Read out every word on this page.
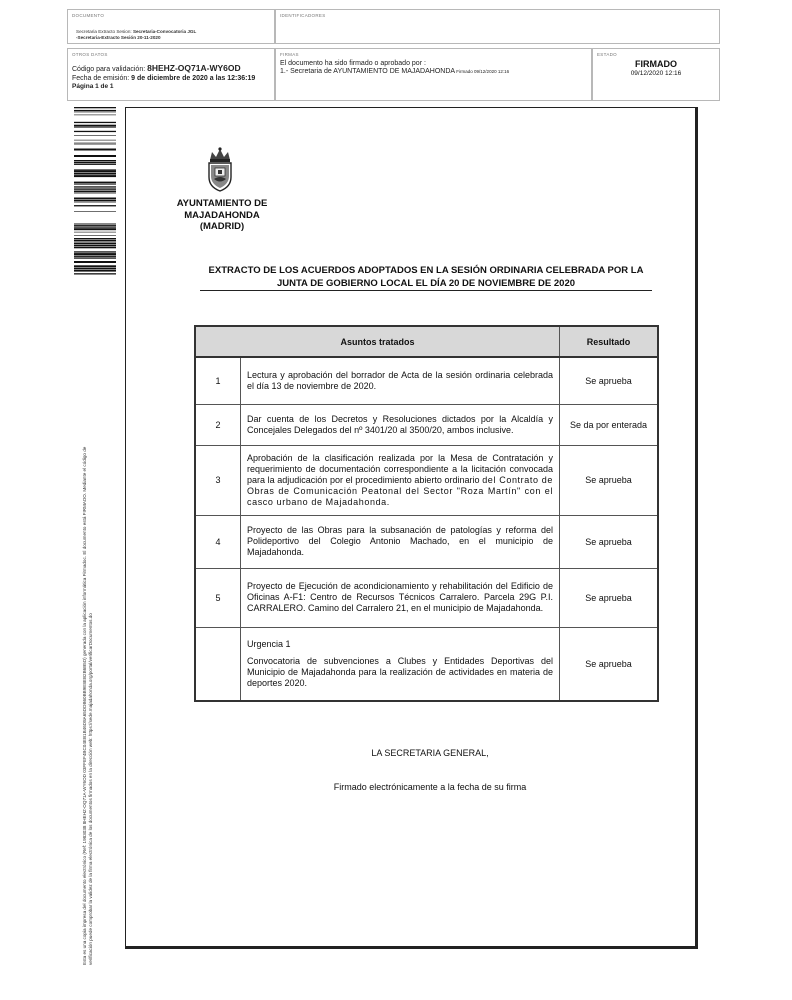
DOCUMENTO
Secretaria Extracto Sesion: Secretaria-Convocatoria JGL
-Secretaria-Extracto Sesión 20-11-2020
IDENTIFICADORES
OTROS DATOS
Código para validación: 8HEHZ-OQ71A-WY6OD
Fecha de emisión: 9 de diciembre de 2020 a las 12:36:19
Página 1 de 1
FIRMAS
El documento ha sido firmado o aprobado por :
1.- Secretaria de AYUNTAMIENTO DE MAJADAHONDA Firmado 09/12/2020 12:16
ESTADO
FIRMADO
09/12/2020 12:16
Esta es una copia impresa del documento electrónico (Ref: 1983038 8HEHZ-OQ71A-WY6OD 03FFEF4BC04EB1B46D8A65DDB60BB9E8EB2B6B5D) generada con la aplicación informática Firmadoc. El documento está FIRMADO. Mediante el código de verificación puede comprobar la validez de la firma electrónica de los documentos firmados en la dirección web: https://sede.majadahonda.org/portal/verificarDocumentos.do
AYUNTAMIENTO DE
MAJADAHONDA
(MADRID)
EXTRACTO DE LOS ACUERDOS ADOPTADOS EN LA SESIÓN ORDINARIA CELEBRADA POR LA
JUNTA DE GOBIERNO LOCAL EL DÍA 20 DE NOVIEMBRE DE 2020
Asuntos tratados		Resultado
1	Lectura y aprobación del borrador de Acta de la sesión ordinaria celebrada el día 13 de noviembre de 2020.	Se aprueba
2	Dar cuenta de los Decretos y Resoluciones dictados por la Alcaldía y Concejales Delegados del nº 3401/20 al 3500/20, ambos inclusive.	Se da por enterada
3	Aprobación de la clasificación realizada por la Mesa de Contratación y requerimiento de documentación correspondiente a la licitación convocada para la adjudicación por el procedimiento abierto ordinario del Contrato de Obras de Comunicación Peatonal del Sector "Roza Martín" con el casco urbano de Majadahonda.	Se aprueba
4	Proyecto de las Obras para la subsanación de patologías y reforma del Polideportivo del Colegio Antonio Machado, en el municipio de Majadahonda.	Se aprueba
5	Proyecto de Ejecución de acondicionamiento y rehabilitación del Edificio de Oficinas A-F1: Centro de Recursos Técnicos Carralero. Parcela 29G P.I. CARRALERO. Camino del Carralero 21, en el municipio de Majadahonda.	Se aprueba

	Urgencia 1
Convocatoria de subvenciones a Clubes y Entidades Deportivas del Municipio de Majadahonda para la realización de actividades en materia de deportes 2020.	Se aprueba
LA SECRETARIA GENERAL,
Firmado electrónicamente a la fecha de su firma
